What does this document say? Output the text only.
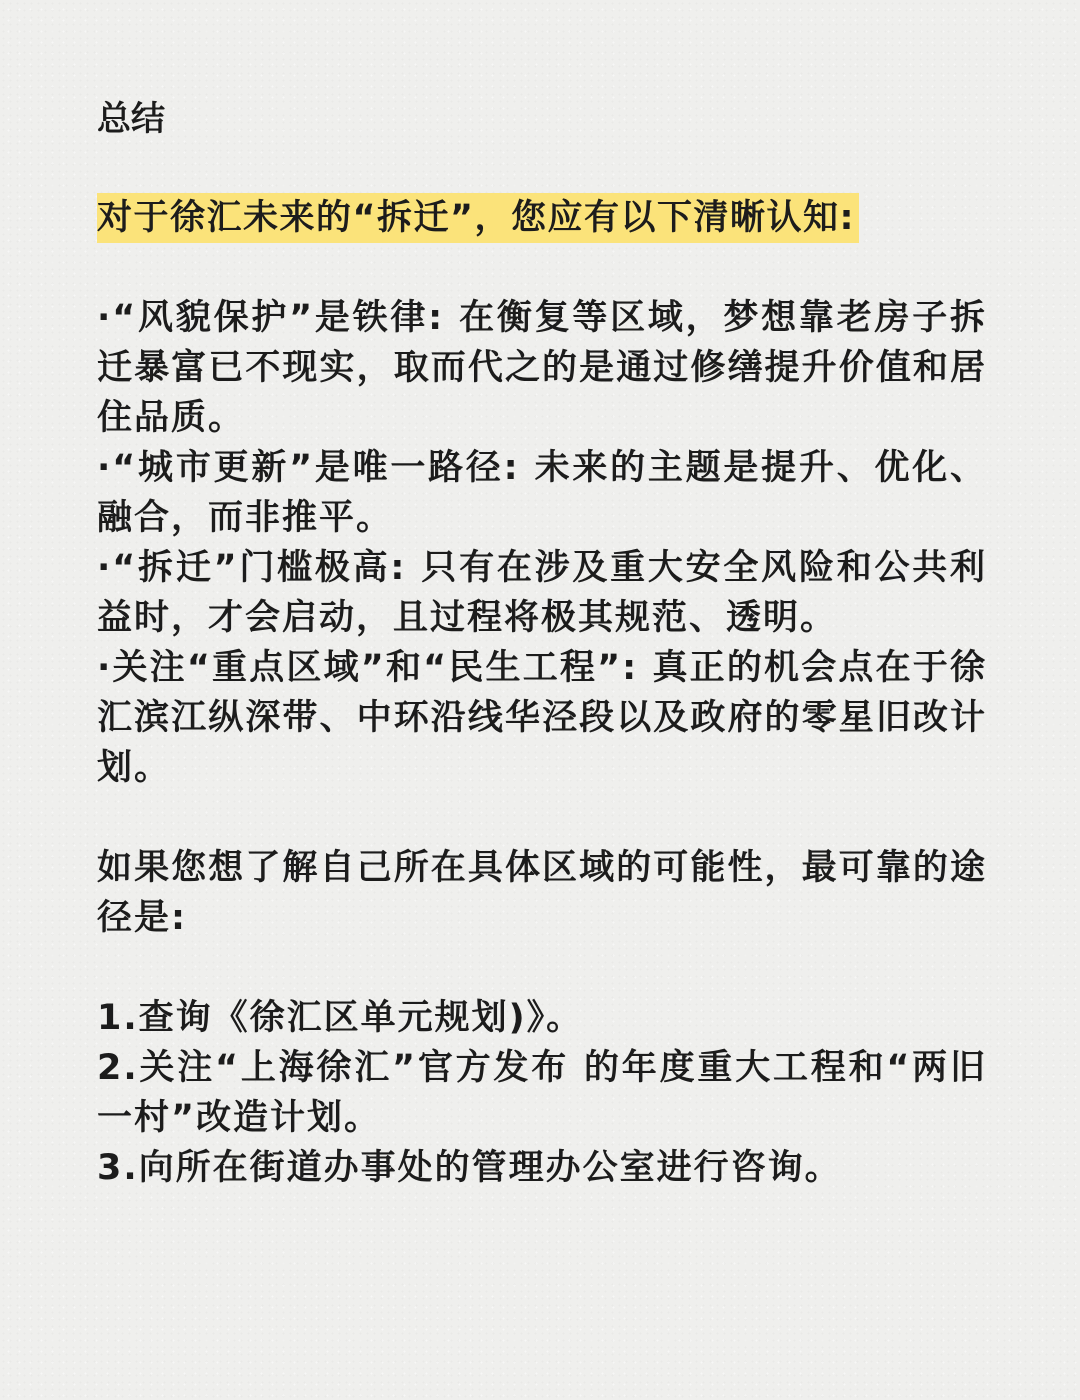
总结
对于徐汇未来的“拆迁”，您应有以下清晰认知:

·“风貌保护”是铁律: 在衡复等区域，梦想靠老房子拆迁暴富已不现实，取而代之的是通过修缮提升价值和居住品质。

·“城市更新”是唯一路径: 未来的主题是提升、优化、融合，而非推平。

·“拆迁”门槛极高: 只有在涉及重大安全风险和公共利益时，才会启动，且过程将极其规范、透明。

·关注“重点区域”和“民生工程”: 真正的机会点在于徐汇滨江纵深带、中环沿线华泾段以及政府的零星旧改计划。

如果您想了解自己所在具体区域的可能性，最可靠的途径是:

1.查询《徐汇区单元规划)》。

2.关注“上海徐汇”官方发布 的年度重大工程和“两旧一村”改造计划。

3.向所在街道办事处的管理办公室进行咨询。
